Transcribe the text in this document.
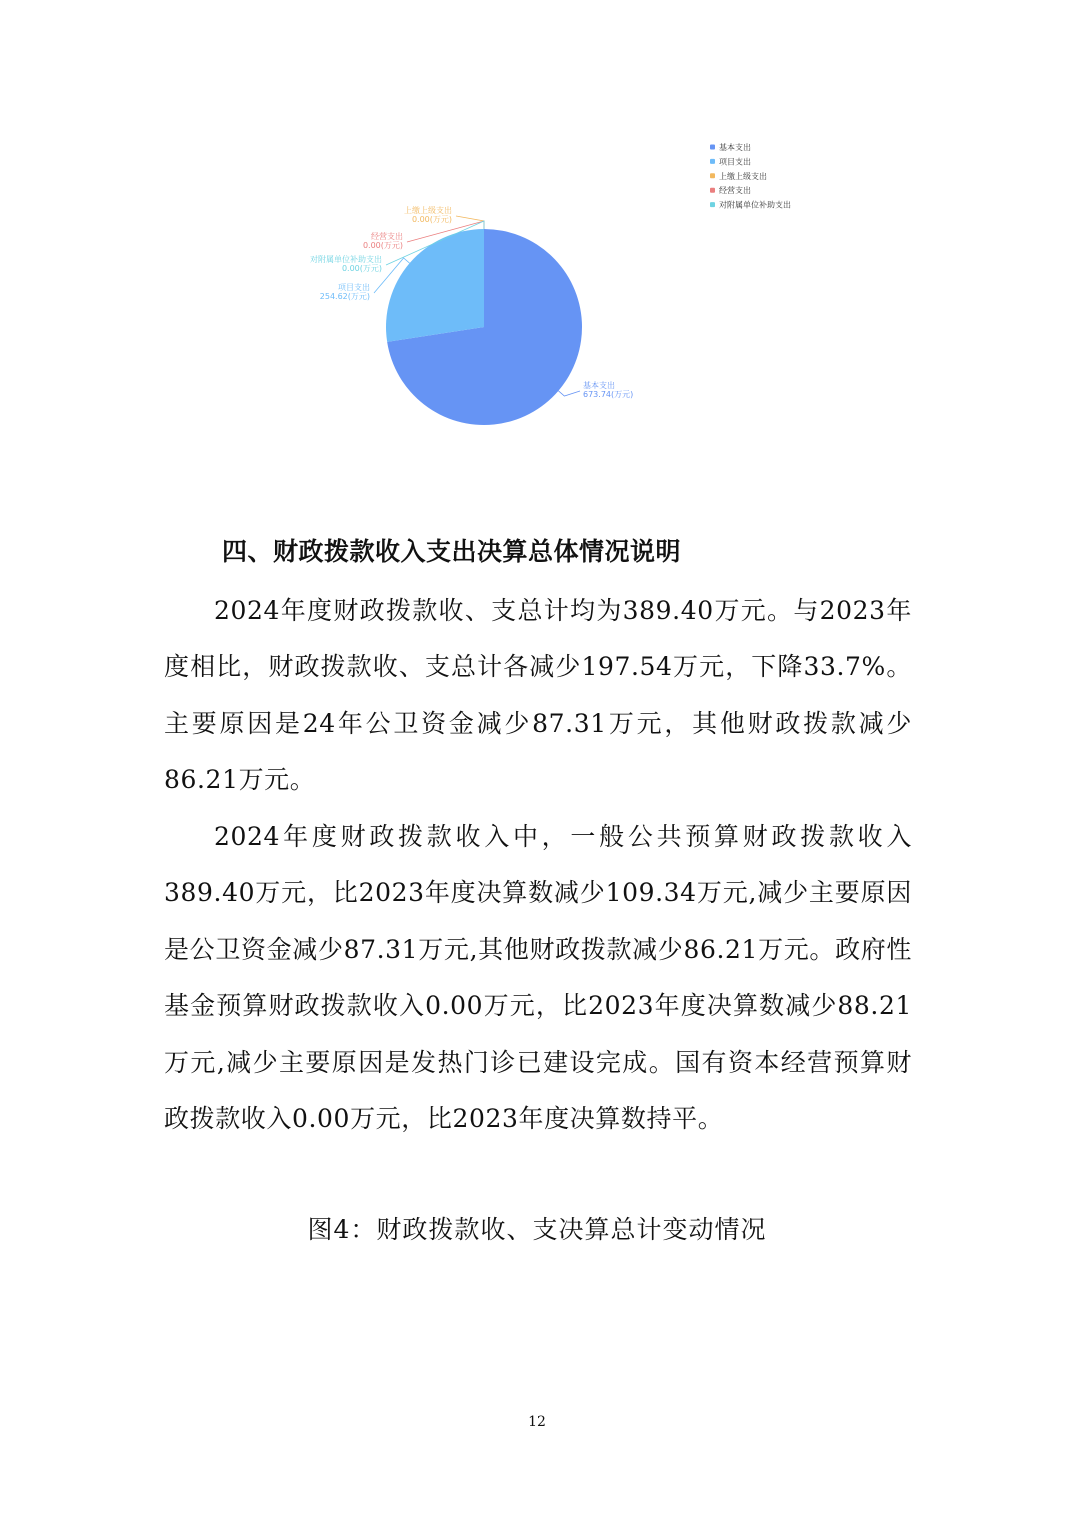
基本支出
673.74(万元)
项目支出
254.62(万元)
上缴上级支出
0.00(万元)
经营支出
0.00(万元)
对附属单位补助支出
0.00(万元)
基本支出
项目支出
上缴上级支出
经营支出
对附属单位补助支出
四、财政拨款收入支出决算总体情况说明

2024年度财政拨款收、支总计均为389.40万元。与2023年度相比，财政拨款收、支总计各减少197.54万元，下降33.7%。主要原因是24年公卫资金减少87.31万元，其他财政拨款减少86.21万元。

2024年度财政拨款收入中，一般公共预算财政拨款收入389.40万元，比2023年度决算数减少109.34万元,减少主要原因是公卫资金减少87.31万元,其他财政拨款减少86.21万元。政府性基金预算财政拨款收入0.00万元，比2023年度决算数减少88.21万元,减少主要原因是发热门诊已建设完成。国有资本经营预算财政拨款收入0.00万元，比2023年度决算数持平。

图4：财政拨款收、支决算总计变动情况

12
